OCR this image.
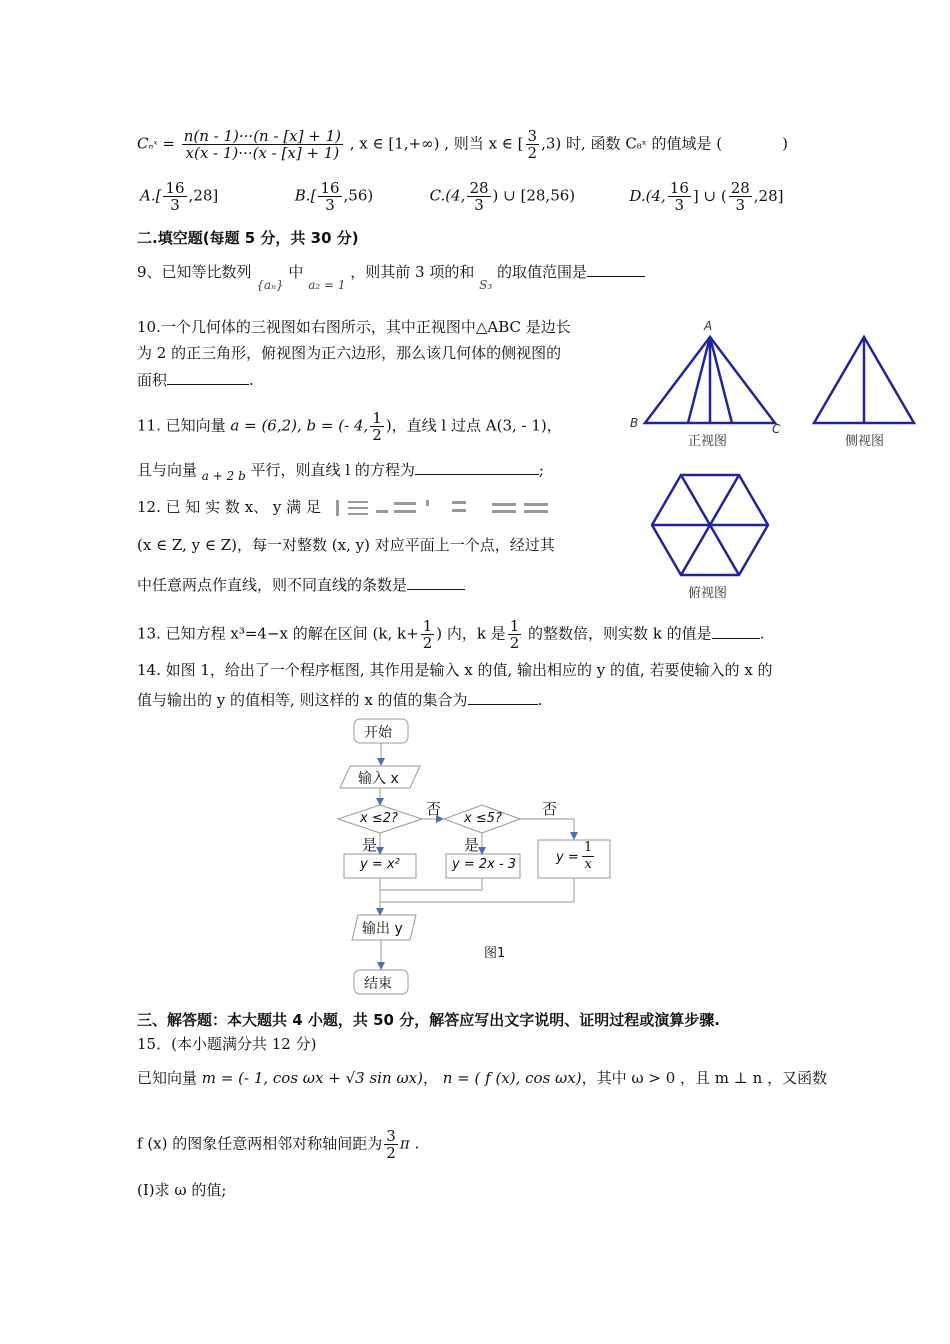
Cₙˣ = $\frac{n(n - 1)\cdot\cdot\cdot(n - [x] + 1)}{x(x - 1)\cdot\cdot\cdot(x - [x] + 1)}$ , x ∈ [1,+∞) , 则当 x ∈ [ $\frac{3}{2} ,3$) 时, 函数 C₈ˣ 的值域是 (	)
$A.[ \frac{16}{3} ,28]$	$B.[ \frac{16}{3} ,56)$	C.(4, $\frac{28}{3}$ ) ∪ [28,56)	D.(4, $\frac{16}{3}$ ] ∪ ( $\frac{28}{3} ,28$]
二.填空题(每题 5 分，共 30 分)
9、已知等比数列 $_{\{a_n\}}$ 中 $_{a_2 = 1}$ ，则其前 3 项的和 $_{S_3}$ 的取值范围是
10.一个几何体的三视图如右图所示，其中正视图中△ABC 是边长
为 2 的正三角形，俯视图为正六边形，那么该几何体的侧视图的
面积	.
11. 已知向量 a = (6,2), b = (- 4, $\frac{1}{2}$ )，直线 l 过点 A(3, - 1)，
且与向量 $_{a + 2 b}$ 平行，则直线 l 的方程为	;
12. 已 知 实 数 x、 y 满 足
(x ∈ Z, y ∈ Z)，每一对整数 (x, y) 对应平面上一个点，经过其
中任意两点作直线，则不同直线的条数是
13. 已知方程 x³=4−x 的解在区间 (k, $k+ \frac{1}{2}$ ) 内，k 是 $\frac{1}{2}$ 的整数倍，则实数 k 的值是	.
14. 如图 1，给出了一个程序框图, 其作用是输入 x 的值, 输出相应的 y 的值, 若要使输入的 x 的
值与输出的 y 的值相等, 则这样的 x 的值的集合为	.
A
B	C
正视图	侧视图
俯视图
开始
输入 x
x ≤2?	x ≤5?
否	否
是	是
y = x²	y = 2x - 3	$y = \frac{1}{x}$
输出 y
结束
图1
三、解答题：本大题共 4 小题，共 50 分，解答应写出文字说明、证明过程或演算步骤.
15．(本小题满分共 12 分)
已知向量 m = (- 1, cos ωx + √3 sin ωx)， n = ( f (x), cos ωx)，其中 ω > 0 ，且 m ⊥ n ，又函数
f (x) 的图象任意两相邻对称轴间距为 $\frac{3}{2}$ π .
(Ⅰ)求 ω 的值;
